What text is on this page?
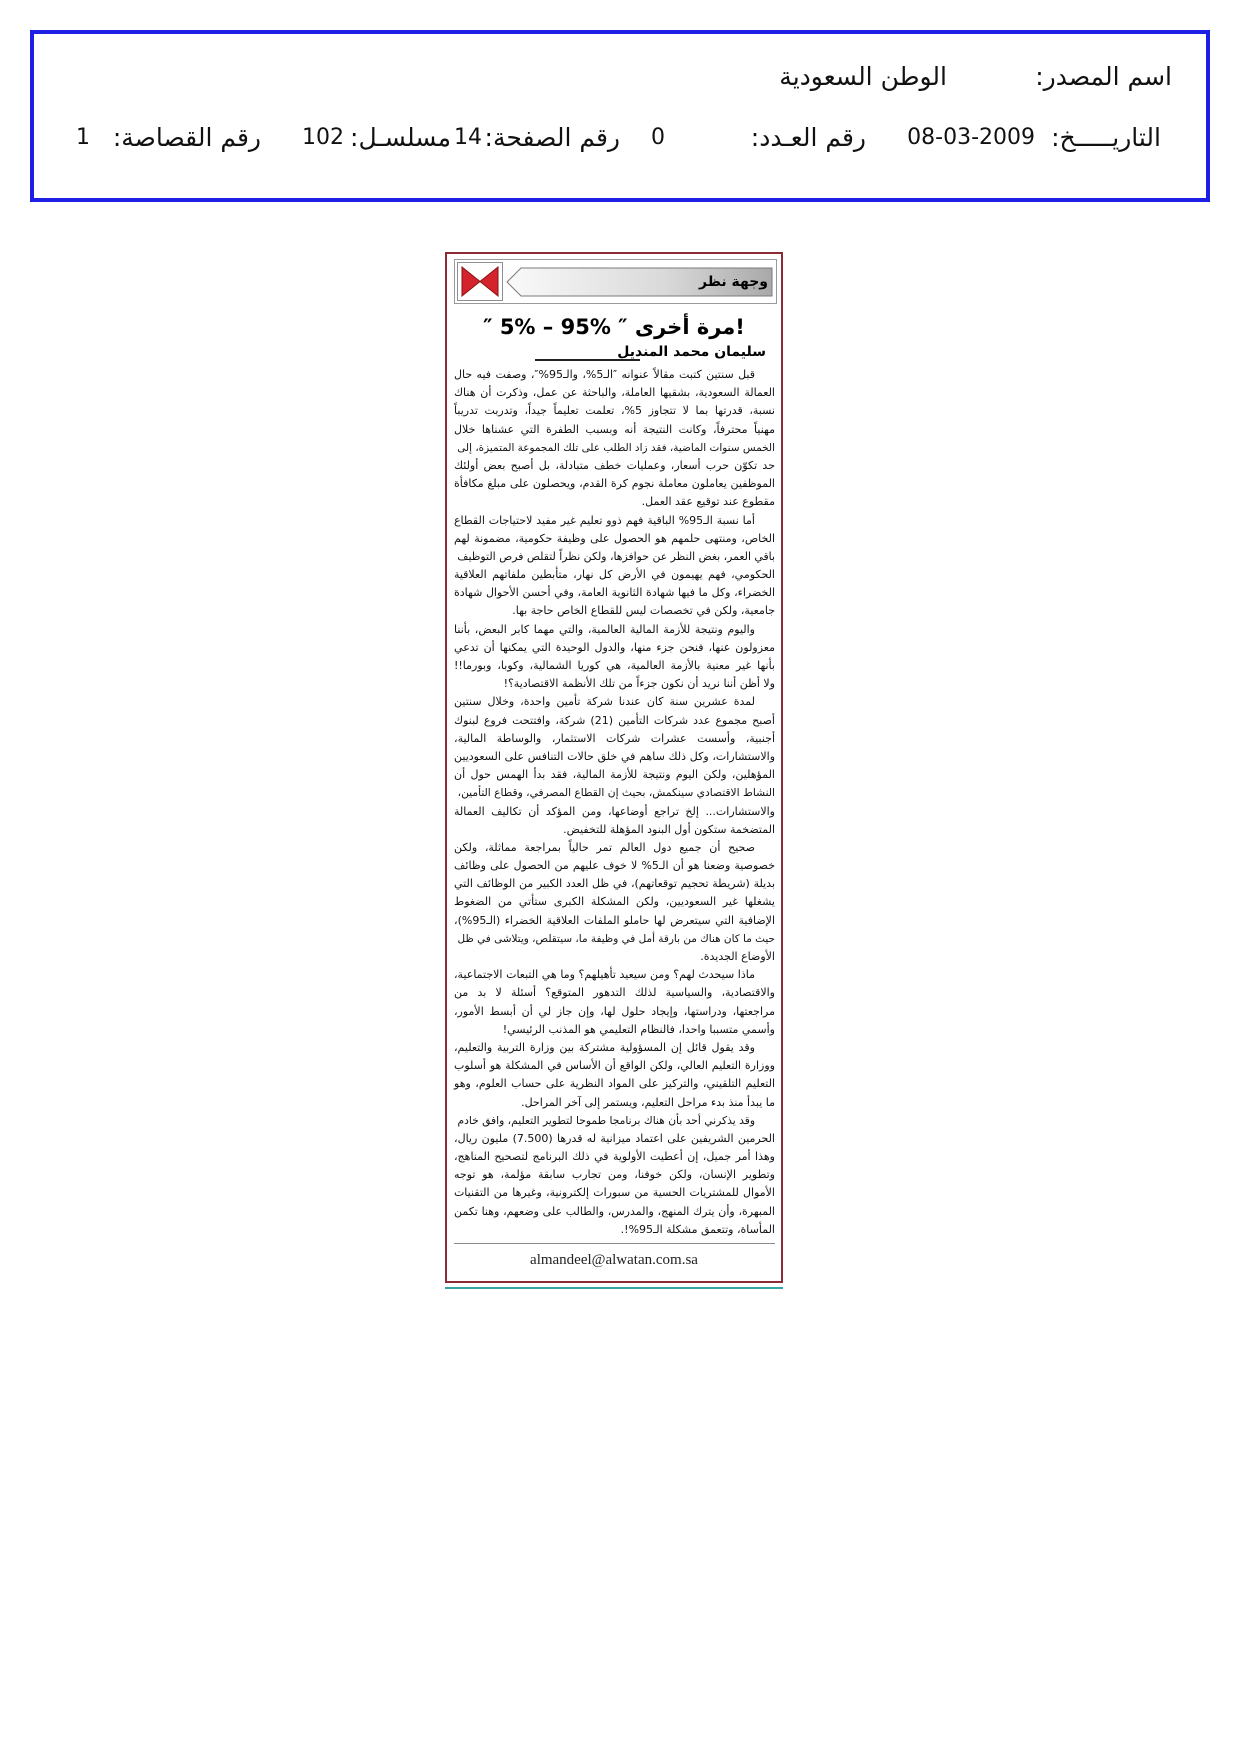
اسم المصدر:
الوطن السعودية
التاريـــــخ:
08-03-2009
رقم العـدد:
0
رقم الصفحة:
14
مسلسـل:
102
رقم القصاصة:
1
وجهة نظر
″ 5% – 95% ″ مرة أخرى!
سليمان محمد المنديل
قبل سنتين كتبت مقالاً عنوانه ″الـ5%، والـ95%″، وصفت فيه حال
العمالة السعودية، بشقيها العاملة، والباحثة عن عمل، وذكرت أن هناك
نسبة، قدرتها بما لا تتجاوز 5%، تعلمت تعليماً جيداً، وتدربت تدريباً
مهنياً محترفاً، وكانت النتيجة أنه وبسبب الطفرة التي عشناها خلال
الخمس سنوات الماضية، فقد زاد الطلب على تلك المجموعة المتميزة، إلى
حد تكوّن حرب أسعار، وعمليات خطف متبادلة، بل أصبح بعض أولئك
الموظفين يعاملون معاملة نجوم كرة القدم، ويحصلون على مبلغ مكافأة
مقطوع عند توقيع عقد العمل.
أما نسبة الـ95% الباقية فهم ذوو تعليم غير مفيد لاحتياجات القطاع
الخاص، ومنتهى حلمهم هو الحصول على وظيفة حكومية، مضمونة لهم
باقي العمر، بغض النظر عن حوافزها، ولكن نظراً لتقلص فرص التوظيف
الحكومي، فهم يهيمون في الأرض كل نهار، متأبطين ملفاتهم العلاقية
الخضراء، وكل ما فيها شهادة الثانوية العامة، وفي أحسن الأحوال شهادة
جامعية، ولكن في تخصصات ليس للقطاع الخاص حاجة بها.
واليوم ونتيجة للأزمة المالية العالمية، والتي مهما كابر البعض، بأننا
معزولون عنها، فنحن جزء منها، والدول الوحيدة التي يمكنها أن تدعي
بأنها غير معنية بالأزمة العالمية، هي كوريا الشمالية، وكوبا، وبورما!!
ولا أظن أننا نريد أن نكون جزءاً من تلك الأنظمة الاقتصادية؟!
لمدة عشرين سنة كان عندنا شركة تأمين واحدة، وخلال سنتين
أصبح مجموع عدد شركات التأمين (21) شركة، وافتتحت فروع لبنوك
أجنبية، وأسست عشرات شركات الاستثمار، والوساطة المالية،
والاستشارات، وكل ذلك ساهم في خلق حالات التنافس على السعوديين
المؤهلين، ولكن اليوم ونتيجة للأزمة المالية، فقد بدأ الهمس حول أن
النشاط الاقتصادي سينكمش، بحيث إن القطاع المصرفي، وقطاع التأمين،
والاستشارات... إلخ تراجع أوضاعها، ومن المؤكد أن تكاليف العمالة
المتضخمة ستكون أول البنود المؤهلة للتخفيض.
صحيح أن جميع دول العالم تمر حالياً بمراجعة مماثلة، ولكن
خصوصية وضعنا هو أن الـ5% لا خوف عليهم من الحصول على وظائف
بديلة (شريطة تحجيم توقعاتهم)، في ظل العدد الكبير من الوظائف التي
يشغلها غير السعوديين، ولكن المشكلة الكبرى ستأتي من الضغوط
الإضافية التي سيتعرض لها حاملو الملفات العلاقية الخضراء (الـ95%)،
حيث ما كان هناك من بارقة أمل في وظيفة ما، سيتقلص، ويتلاشى في ظل
الأوضاع الجديدة.
ماذا سيحدث لهم؟ ومن سيعيد تأهيلهم؟ وما هي التبعات الاجتماعية،
والاقتصادية، والسياسية لذلك التدهور المتوقع؟ أسئلة لا بد من
مراجعتها، ودراستها، وإيجاد حلول لها، وإن جاز لي أن أبسط الأمور،
وأسمي متسببا واحدا، فالنظام التعليمي هو المذنب الرئيسي!
وقد يقول قائل إن المسؤولية مشتركة بين وزارة التربية والتعليم،
ووزارة التعليم العالي، ولكن الواقع أن الأساس في المشكلة هو أسلوب
التعليم التلقيني، والتركيز على المواد النظرية على حساب العلوم، وهو
ما يبدأ منذ بدء مراحل التعليم، ويستمر إلى آخر المراحل.
وقد يذكرني أحد بأن هناك برنامجا طموحا لتطوير التعليم، وافق خادم
الحرمين الشريفين على اعتماد ميزانية له قدرها (7.500) مليون ريال،
وهذا أمر جميل، إن أعطيت الأولوية في ذلك البرنامج لتصحيح المناهج،
وتطوير الإنسان، ولكن خوفنا، ومن تجارب سابقة مؤلمة، هو توجه
الأموال للمشتريات الحسية من سبورات إلكترونية، وغيرها من التقنيات
المبهرة، وأن يترك المنهج، والمدرس، والطالب على وضعهم، وهنا تكمن
المأساة، وتتعمق مشكلة الـ95%!.
almandeel@alwatan.com.sa
